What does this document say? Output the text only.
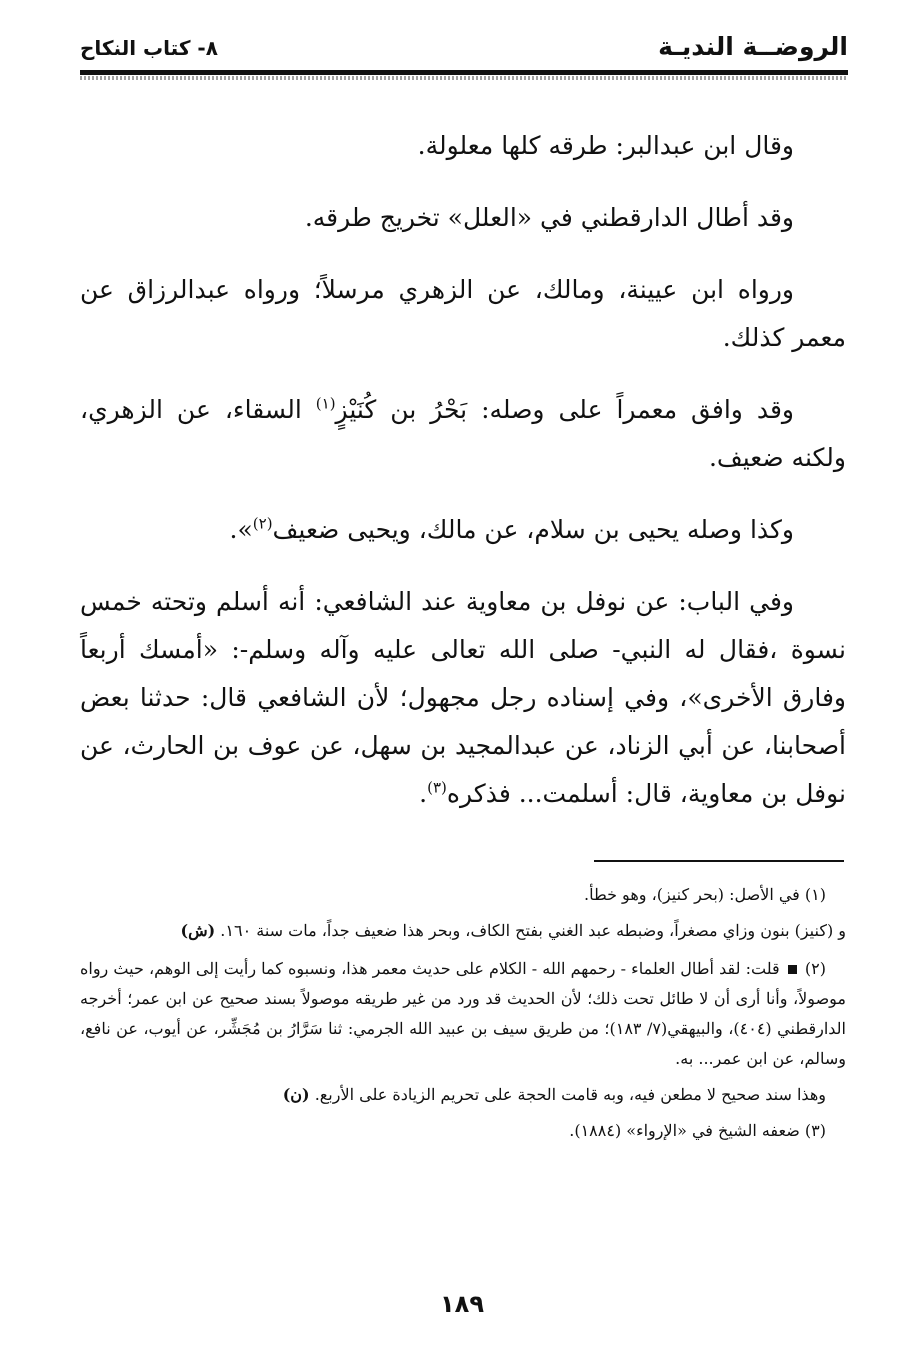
الروضــة النديـة
٨- كتاب النكاح

وقال ابن عبدالبر: طرقه كلها معلولة.

وقد أطال الدارقطني في «العلل» تخريج طرقه.

ورواه ابن عيينة، ومالك، عن الزهري مرسلاً؛ ورواه عبدالرزاق عن معمر كذلك.

وقد وافق معمراً على وصله: بَحْرُ بن كُنَيْزٍ$^{(١)}$ السقاء، عن الزهري، ولكنه ضعيف.

وكذا وصله يحيى بن سلام، عن مالك، ويحيى ضعيف$^{(٢)}$».

وفي الباب: عن نوفل بن معاوية عند الشافعي: أنه أسلم وتحته خمس نسوة ،فقال له النبي- صلى الله تعالى عليه وآله وسلم-: «أمسك أربعاً وفارق الأخرى»، وفي إسناده رجل مجهول؛ لأن الشافعي قال: حدثنا بعض أصحابنا، عن أبي الزناد، عن عبدالمجيد بن سهل، عن عوف بن الحارث، عن نوفل بن معاوية، قال: أسلمت... فذكره$^{(٣)}$.

(١) في الأصل: (بحر كنيز)، وهو خطأ.

و (كنيز) بنون وزاي مصغراً، وضبطه عبد الغني بفتح الكاف، وبحر هذا ضعيف جداً، مات سنة ١٦٠. (ش)

(٢)  قلت: لقد أطال العلماء - رحمهم الله - الكلام على حديث معمر هذا، ونسبوه كما رأيت إلى الوهم، حيث رواه موصولاً، وأنا أرى أن لا طائل تحت ذلك؛ لأن الحديث قد ورد من غير طريقه موصولاً بسند صحيح عن ابن عمر؛ أخرجه الدارقطني (٤٠٤)، والبيهقي(٧/ ١٨٣)؛ من طريق سيف بن عبيد الله الجرمي: ثنا سَرَّارُ بن مُجَشِّر، عن أيوب، عن نافع، وسالم، عن ابن عمر... به.

وهذا سند صحيح لا مطعن فيه، وبه قامت الحجة على تحريم الزيادة على الأربع. (ن)

(٣) ضعفه الشيخ في «الإرواء» (١٨٨٤).

١٨٩
